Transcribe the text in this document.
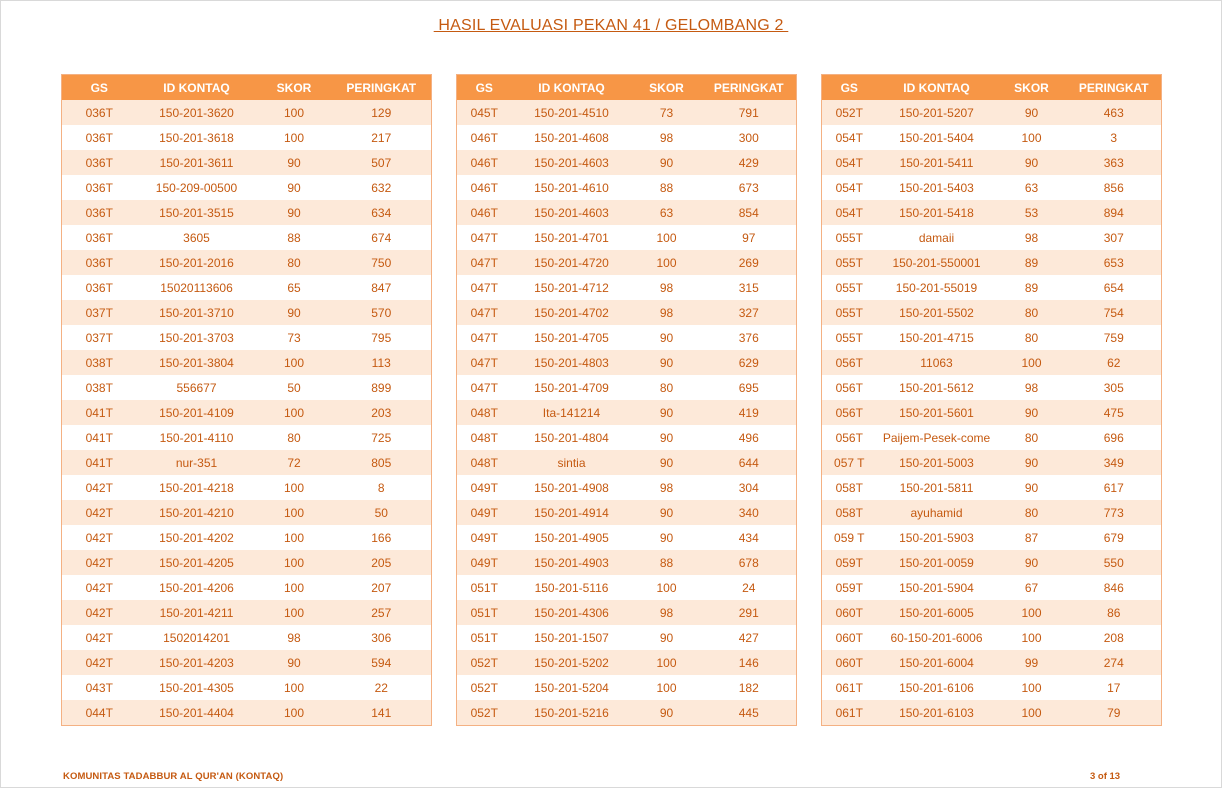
HASIL EVALUASI PEKAN 41 / GELOMBANG 2
GS	ID KONTAQ	SKOR	PERINGKAT
036T	150-201-3620	100	129
036T	150-201-3618	100	217
036T	150-201-3611	90	507
036T	150-209-00500	90	632
036T	150-201-3515	90	634
036T	3605	88	674
036T	150-201-2016	80	750
036T	15020113606	65	847
037T	150-201-3710	90	570
037T	150-201-3703	73	795
038T	150-201-3804	100	113
038T	556677	50	899
041T	150-201-4109	100	203
041T	150-201-4110	80	725
041T	nur-351	72	805
042T	150-201-4218	100	8
042T	150-201-4210	100	50
042T	150-201-4202	100	166
042T	150-201-4205	100	205
042T	150-201-4206	100	207
042T	150-201-4211	100	257
042T	1502014201	98	306
042T	150-201-4203	90	594
043T	150-201-4305	100	22
044T	150-201-4404	100	141
GS	ID KONTAQ	SKOR	PERINGKAT
045T	150-201-4510	73	791
046T	150-201-4608	98	300
046T	150-201-4603	90	429
046T	150-201-4610	88	673
046T	150-201-4603	63	854
047T	150-201-4701	100	97
047T	150-201-4720	100	269
047T	150-201-4712	98	315
047T	150-201-4702	98	327
047T	150-201-4705	90	376
047T	150-201-4803	90	629
047T	150-201-4709	80	695
048T	Ita-141214	90	419
048T	150-201-4804	90	496
048T	sintia	90	644
049T	150-201-4908	98	304
049T	150-201-4914	90	340
049T	150-201-4905	90	434
049T	150-201-4903	88	678
051T	150-201-5116	100	24
051T	150-201-4306	98	291
051T	150-201-1507	90	427
052T	150-201-5202	100	146
052T	150-201-5204	100	182
052T	150-201-5216	90	445
GS	ID KONTAQ	SKOR	PERINGKAT
052T	150-201-5207	90	463
054T	150-201-5404	100	3
054T	150-201-5411	90	363
054T	150-201-5403	63	856
054T	150-201-5418	53	894
055T	damaii	98	307
055T	150-201-550001	89	653
055T	150-201-55019	89	654
055T	150-201-5502	80	754
055T	150-201-4715	80	759
056T	11063	100	62
056T	150-201-5612	98	305
056T	150-201-5601	90	475
056T	Paijem-Pesek-come	80	696
057 T	150-201-5003	90	349
058T	150-201-5811	90	617
058T	ayuhamid	80	773
059 T	150-201-5903	87	679
059T	150-201-0059	90	550
059T	150-201-5904	67	846
060T	150-201-6005	100	86
060T	60-150-201-6006	100	208
060T	150-201-6004	99	274
061T	150-201-6106	100	17
061T	150-201-6103	100	79
KOMUNITAS TADABBUR AL QUR'AN (KONTAQ)	3 of 13
